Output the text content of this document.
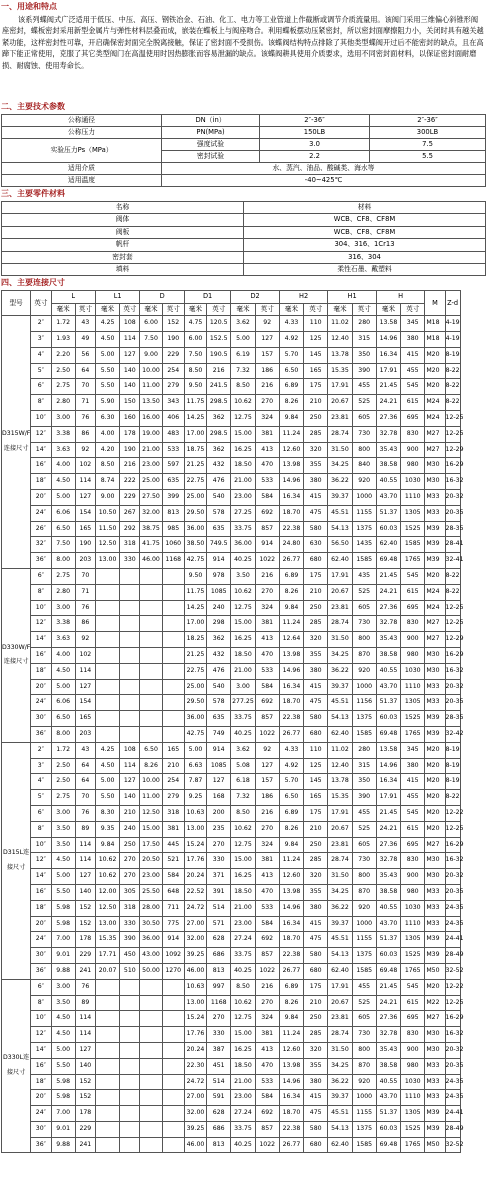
一、用途和特点
该系列蝶阀式广泛适用于低压、中压、高压、钢铁冶金、石油、化工、电力等工业管道上作截断或调节介质流量用。该阀门采用三维偏心斜锥形阀座密封，蝶板密封采用新型金属片与弹性材料层叠而成，嵌装在蝶板上与阀座吻合。利用蝶板摆动压紧密封，所以密封面摩擦阻力小，关闭时具有越关越紧功能，这样密封性可靠，开启确保密封面完全脱离接触，保证了密封面不受损伤。该蝶阀结构特点排除了其他类型蝶阀开过后不能密封的缺点，且在高蹄下能正常使用，克服了其它类型阀门在高温使用时因热膨胀而容易泄漏的缺点。该蝶阀耕具使用介质要求，选用不同密封面材料，以保证密封面耐磨损、耐腐蚀、使用寿命长。
二、主要技术参数
公称通径	DN（in）	2″-36″	2″-36″
公称压力	PN(MPa)	150LB	300LB
实验压力Ps（MPa）	强度试验	3.0	7.5
	密封试验	2.2	5.5
适用介质	水、蒸汽、油品、酸碱类、海水等		
适用温度	-40~425℃		
三、主要零件材料
名称	材料
阀体	WCB、CF8、CF8M
阀板	WCB、CF8、CF8M
帆杆	304、316、1Cr13
密封套	316、304
填料	柔性石墨、戴塑料
四、主要连接尺寸
型号	英寸	L		L1		D		D1		D2		H2		H1		H		M	Z-d
		毫米	英寸	毫米	英寸	毫米	英寸	毫米	英寸	毫米	英寸	毫米	英寸	毫米	英寸	毫米	英寸		
D315W/F连接尺寸	2″	1.72	43	4.25	108	6.00	152	4.75	120.5	3.62	92	4.33	110	11.02	280	13.58	345	M18	4-19
	3″	1.93	49	4.50	114	7.50	190	6.00	152.5	5.00	127	4.92	125	12.40	315	14.96	380	M18	4-19
	4″	2.20	56	5.00	127	9.00	229	7.50	190.5	6.19	157	5.70	145	13.78	350	16.34	415	M20	8-19
	5″	2.50	64	5.50	140	10.00	254	8.50	216	7.32	186	6.50	165	15.35	390	17.91	455	M20	8-22
	6″	2.75	70	5.50	140	11.00	279	9.50	241.5	8.50	216	6.89	175	17.91	455	21.45	545	M20	8-22
	8″	2.80	71	5.90	150	13.50	343	11.75	298.5	10.62	270	8.26	210	20.67	525	24.21	615	M24	8-22
	10″	3.00	76	6.30	160	16.00	406	14.25	362	12.75	324	9.84	250	23.81	605	27.36	695	M24	12-25
	12″	3.38	86	4.00	178	19.00	483	17.00	298.5	15.00	381	11.24	285	28.74	730	32.78	830	M27	12-25
	14″	3.63	92	4.20	190	21.00	533	18.75	362	16.25	413	12.60	320	31.50	800	35.43	900	M27	12-29
	16″	4.00	102	8.50	216	23.00	597	21.25	432	18.50	470	13.98	355	34.25	840	38.58	980	M30	16-29
	18″	4.50	114	8.74	222	25.00	635	22.75	476	21.00	533	14.96	380	36.22	920	40.55	1030	M30	16-32
	20″	5.00	127	9.00	229	27.50	399	25.00	540	23.00	584	16.34	415	39.37	1000	43.70	1110	M33	20-32
	24″	6.06	154	10.50	267	32.00	813	29.50	578	27.25	692	18.70	475	45.51	1155	51.37	1305	M33	20-35
	26″	6.50	165	11.50	292	38.75	985	36.00	635	33.75	857	22.38	580	54.13	1375	60.03	1525	M39	28-35
	32″	7.50	190	12.50	318	41.75	1060	38.50	749.5	36.00	914	24.80	630	56.50	1435	62.40	1585	M39	28-41
	36″	8.00	203	13.00	330	46.00	1168	42.75	914	40.25	1022	26.77	680	62.40	1585	69.48	1765	M39	32-41
D330W/F连接尺寸	6″	2.75	70					9.50	978	3.50	216	6.89	175	17.91	435	21.45	545	M20	8-22
	8″	2.80	71					11.75	1085	10.62	270	8.26	210	20.67	525	24.21	615	M24	8-22
	10″	3.00	76					14.25	240	12.75	324	9.84	250	23.81	605	27.36	695	M24	12-25
	12″	3.38	86					17.00	298	15.00	381	11.24	285	28.74	730	32.78	830	M27	12-25
	14″	3.63	92					18.25	362	16.25	413	12.64	320	31.50	800	35.43	900	M27	12-29
	16″	4.00	102					21.25	432	18.50	470	13.98	355	34.25	870	38.58	980	M30	16-29
	18″	4.50	114					22.75	476	21.00	533	14.96	380	36.22	920	40.55	1030	M30	16-32
	20″	5.00	127					25.00	540	3.00	584	16.34	415	39.37	1000	43.70	1110	M33	20-32
	24″	6.06	154					29.50	578	277.25	692	18.70	475	45.51	1156	51.37	1305	M33	20-35
	30″	6.50	165					36.00	635	33.75	857	22.38	580	54.13	1375	60.03	1525	M39	28-35
	36″	8.00	203					42.75	749	40.25	1022	26.77	680	62.40	1585	69.48	1765	M39	32-42
D315L连接尺寸	2″	1.72	43	4.25	108	6.50	165	5.00	914	3.62	92	4.33	110	11.02	280	13.58	345	M20	8-19
	3″	2.50	64	4.50	114	8.26	210	6.63	1085	5.08	127	4.92	125	12.40	315	14.96	380	M20	8-19
	4″	2.50	64	5.00	127	10.00	254	7.87	127	6.18	157	5.70	145	13.78	350	16.34	415	M20	8-19
	5″	2.75	70	5.50	140	11.00	279	9.25	168	7.32	186	6.50	165	15.35	390	17.91	455	M20	8-22
	6″	3.00	76	8.30	210	12.50	318	10.63	200	8.50	216	6.89	175	17.91	455	21.45	545	M20	12-22
	8″	3.50	89	9.35	240	15.00	381	13.00	235	10.62	270	8.26	210	20.67	525	24.21	615	M20	12-25
	10″	3.50	114	9.84	250	17.50	445	15.24	270	12.75	324	9.84	250	23.81	605	27.36	695	M27	16-29
	12″	4.50	114	10.62	270	20.50	521	17.76	330	15.00	381	11.24	285	28.74	730	32.78	830	M30	16-32
	14″	5.00	127	10.62	270	23.00	584	20.24	371	16.25	413	12.60	320	31.50	800	35.43	900	M30	20-32
	16″	5.50	140	12.00	305	25.50	648	22.52	391	18.50	470	13.98	355	34.25	870	38.58	980	M33	20-35
	18″	5.98	152	12.50	318	28.00	711	24.72	514	21.00	533	14.96	380	36.22	920	40.55	1030	M33	24-35
	20″	5.98	152	13.00	330	30.50	775	27.00	571	23.00	584	16.34	415	39.37	1000	43.70	1110	M33	24-35
	24″	7.00	178	15.35	390	36.00	914	32.00	628	27.24	692	18.70	475	45.51	1155	51.37	1305	M39	24-41
	30″	9.01	229	17.71	450	43.00	1092	39.25	686	33.75	857	22.38	580	54.13	1375	60.03	1525	M39	28-49
	36″	9.88	241	20.07	510	50.00	1270	46.00	813	40.25	1022	26.77	680	62.40	1585	69.48	1765	M50	32-52
D330L连接尺寸	6″	3.00	76					10.63	997	8.50	216	6.89	175	17.91	455	21.45	545	M20	12-22
	8″	3.50	89					13.00	1168	10.62	270	8.26	210	20.67	525	24.21	615	M22	12-25
	10″	4.50	114					15.24	270	12.75	324	9.84	250	23.81	605	27.36	695	M27	16-29
	12″	4.50	114					17.76	330	15.00	381	11.24	285	28.74	730	32.78	830	M30	16-32
	14″	5.00	127					20.24	387	16.25	413	12.60	320	31.50	800	35.43	900	M30	20-32
	16″	5.50	140					22.30	451	18.50	470	13.98	355	34.25	870	38.58	980	M33	20-35
	18″	5.98	152					24.72	514	21.00	533	14.96	380	36.22	920	40.55	1030	M33	24-35
	20″	5.98	152					27.00	591	23.00	584	16.34	415	39.37	1000	43.70	1110	M33	24-35
	24″	7.00	178					32.00	628	27.24	692	18.70	475	45.51	1155	51.37	1305	M39	24-41
	30″	9.01	229					39.25	686	33.75	857	22.38	580	54.13	1375	60.03	1525	M39	28-49
	36″	9.88	241					46.00	813	40.25	1022	26.77	680	62.40	1585	69.48	1765	M50	32-52
